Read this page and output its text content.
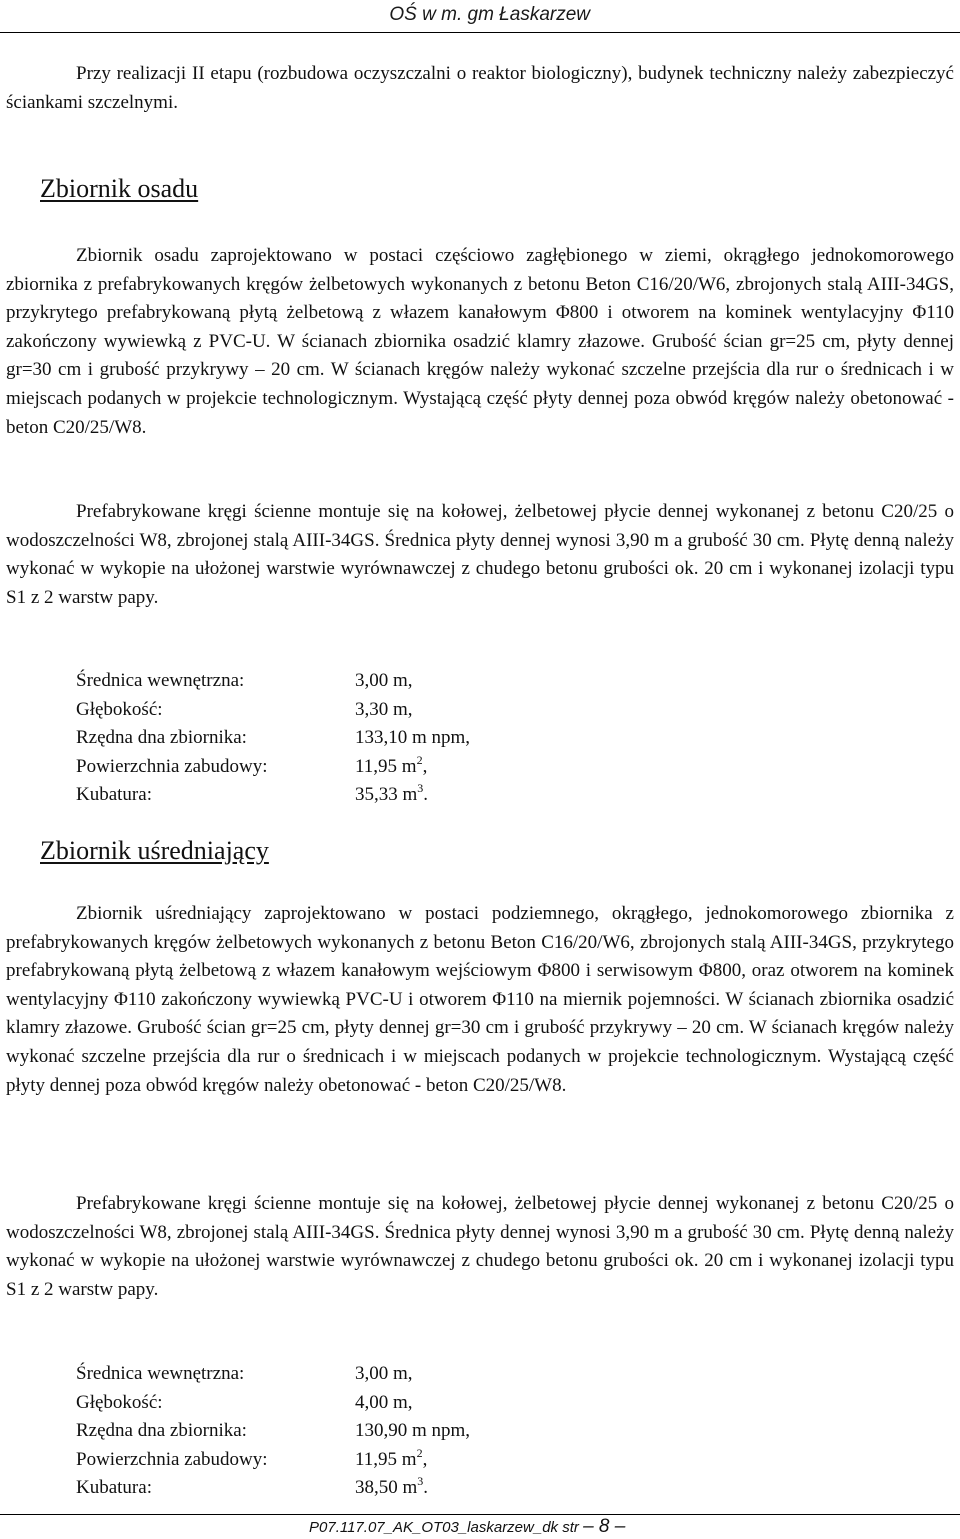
OŚ w m. gm Łaskarzew

Przy realizacji II etapu (rozbudowa oczyszczalni o reaktor biologiczny), budynek techniczny należy zabezpieczyć ściankami szczelnymi.

Zbiornik osadu

Zbiornik osadu zaprojektowano w postaci częściowo zagłębionego w ziemi, okrągłego jednokomorowego zbiornika z prefabrykowanych kręgów żelbetowych wykonanych z betonu Beton C16/20/W6, zbrojonych stalą AIII-34GS, przykrytego prefabrykowaną płytą żelbetową z włazem kanałowym Φ800 i otworem na kominek wentylacyjny Φ110 zakończony wywiewką z PVC-U. W ścianach zbiornika osadzić klamry złazowe. Grubość ścian gr=25 cm, płyty dennej gr=30 cm i grubość przykrywy – 20 cm. W ścianach kręgów należy wykonać szczelne przejścia dla rur o średnicach i w miejscach podanych w projekcie technologicznym. Wystającą część płyty dennej poza obwód kręgów należy obetonować - beton C20/25/W8.

Prefabrykowane kręgi ścienne montuje się na kołowej, żelbetowej płycie dennej wykonanej z betonu C20/25 o wodoszczelności W8, zbrojonej stalą AIII-34GS. Średnica płyty dennej wynosi 3,90 m a grubość 30 cm. Płytę denną należy wykonać w wykopie na ułożonej warstwie wyrównawczej z chudego betonu grubości ok. 20 cm i wykonanej izolacji typu S1 z 2 warstw papy.

Średnica wewnętrzna:	3,00 m,
Głębokość:	3,30 m,
Rzędna dna zbiornika:	133,10 m npm,
Powierzchnia zabudowy:	11,95 $m^2$,
Kubatura:	35,33 $m^3$.
Zbiornik uśredniający

Zbiornik uśredniający zaprojektowano w postaci podziemnego, okrągłego, jednokomorowego zbiornika z prefabrykowanych kręgów żelbetowych wykonanych z betonu Beton C16/20/W6, zbrojonych stalą AIII-34GS, przykrytego prefabrykowaną płytą żelbetową z włazem kanałowym wejściowym Φ800 i serwisowym Φ800, oraz otworem na kominek wentylacyjny Φ110 zakończony wywiewką PVC-U i otworem Φ110 na miernik pojemności. W ścianach zbiornika osadzić klamry złazowe. Grubość ścian gr=25 cm, płyty dennej gr=30 cm i grubość przykrywy – 20 cm. W ścianach kręgów należy wykonać szczelne przejścia dla rur o średnicach i w miejscach podanych w projekcie technologicznym. Wystającą część płyty dennej poza obwód kręgów należy obetonować - beton C20/25/W8.

Prefabrykowane kręgi ścienne montuje się na kołowej, żelbetowej płycie dennej wykonanej z betonu C20/25 o wodoszczelności W8, zbrojonej stalą AIII-34GS. Średnica płyty dennej wynosi 3,90 m a grubość 30 cm. Płytę denną należy wykonać w wykopie na ułożonej warstwie wyrównawczej z chudego betonu grubości ok. 20 cm i wykonanej izolacji typu S1 z 2 warstw papy.

Średnica wewnętrzna:	3,00 m,
Głębokość:	4,00 m,
Rzędna dna zbiornika:	130,90 m npm,
Powierzchnia zabudowy:	11,95 $m^2$,
Kubatura:	38,50 $m^3$.
P07.117.07_AK_OT03_laskarzew_dk str – 8 –
